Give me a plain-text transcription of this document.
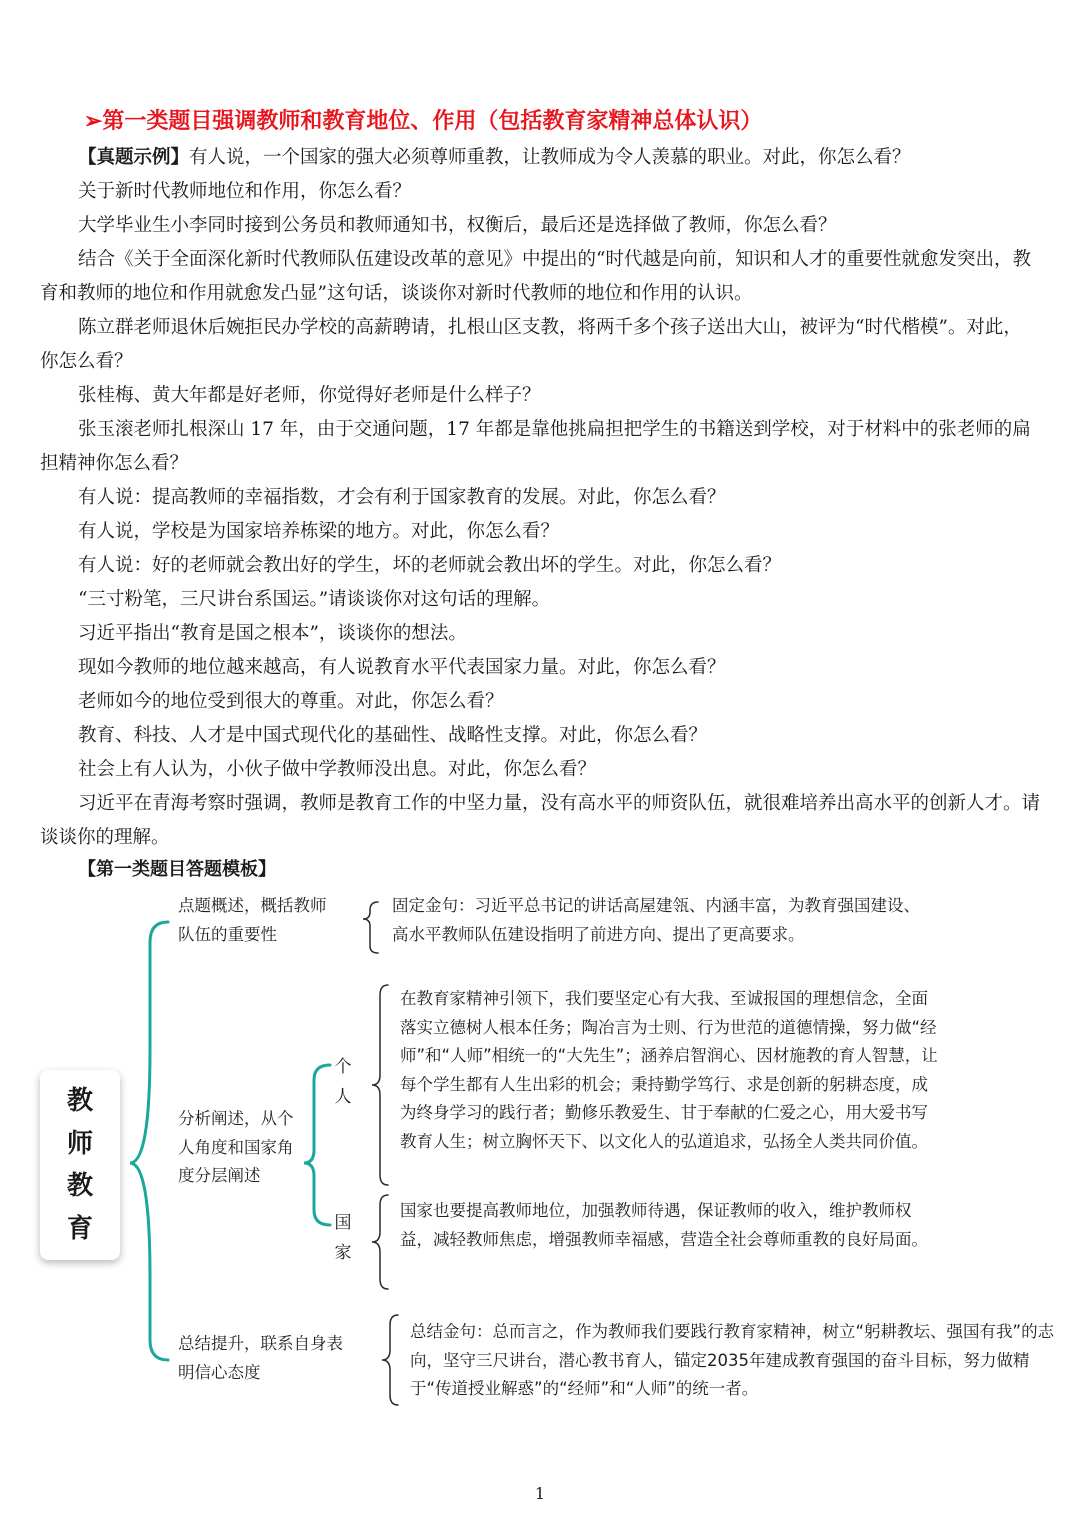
➢第一类题目强调教师和教育地位、作用（包括教育家精神总体认识）

【真题示例】有人说，一个国家的强大必须尊师重教，让教师成为令人羡慕的职业。对此，你怎么看？

关于新时代教师地位和作用，你怎么看？

大学毕业生小李同时接到公务员和教师通知书，权衡后，最后还是选择做了教师，你怎么看？

结合《关于全面深化新时代教师队伍建设改革的意见》中提出的“时代越是向前，知识和人才的重要性就愈发突出，教育和教师的地位和作用就愈发凸显”这句话，谈谈你对新时代教师的地位和作用的认识。

陈立群老师退休后婉拒民办学校的高薪聘请，扎根山区支教，将两千多个孩子送出大山，被评为“时代楷模”。对此，你怎么看？

张桂梅、黄大年都是好老师，你觉得好老师是什么样子？

张玉滚老师扎根深山 17 年，由于交通问题，17 年都是靠他挑扁担把学生的书籍送到学校，对于材料中的张老师的扁担精神你怎么看？

有人说：提高教师的幸福指数，才会有利于国家教育的发展。对此，你怎么看？

有人说，学校是为国家培养栋梁的地方。对此，你怎么看？

有人说：好的老师就会教出好的学生，坏的老师就会教出坏的学生。对此，你怎么看？

“三寸粉笔，三尺讲台系国运。”请谈谈你对这句话的理解。

习近平指出“教育是国之根本”，谈谈你的想法。

现如今教师的地位越来越高，有人说教育水平代表国家力量。对此，你怎么看？

老师如今的地位受到很大的尊重。对此，你怎么看？

教育、科技、人才是中国式现代化的基础性、战略性支撑。对此，你怎么看？

社会上有人认为，小伙子做中学教师没出息。对此，你怎么看？

习近平在青海考察时强调，教师是教育工作的中坚力量，没有高水平的师资队伍，就很难培养出高水平的创新人才。请谈谈你的理解。

【第一类题目答题模板】
教
师
教
育

点题概述，概括教师队伍的重要性

固定金句：习近平总书记的讲话高屋建瓴、内涵丰富，为教育强国建设、高水平教师队伍建设指明了前进方向、提出了更高要求。

分析阐述，从个人角度和国家角度分层阐述

个人

在教育家精神引领下，我们要坚定心有大我、至诚报国的理想信念，全面落实立德树人根本任务；陶冶言为士则、行为世范的道德情操，努力做“经师”和“人师”相统一的“大先生”；涵养启智润心、因材施教的育人智慧，让每个学生都有人生出彩的机会；秉持勤学笃行、求是创新的躬耕态度，成为终身学习的践行者；勤修乐教爱生、甘于奉献的仁爱之心，用大爱书写教育人生；树立胸怀天下、以文化人的弘道追求，弘扬全人类共同价值。

国家

国家也要提高教师地位，加强教师待遇，保证教师的收入，维护教师权益，减轻教师焦虑，增强教师幸福感，营造全社会尊师重教的良好局面。

总结提升，联系自身表明信心态度

总结金句：总而言之，作为教师我们要践行教育家精神，树立“躬耕教坛、强国有我”的志向，坚守三尺讲台，潜心教书育人，锚定2035年建成教育强国的奋斗目标，努力做精于“传道授业解惑”的“经师”和“人师”的统一者。

1
